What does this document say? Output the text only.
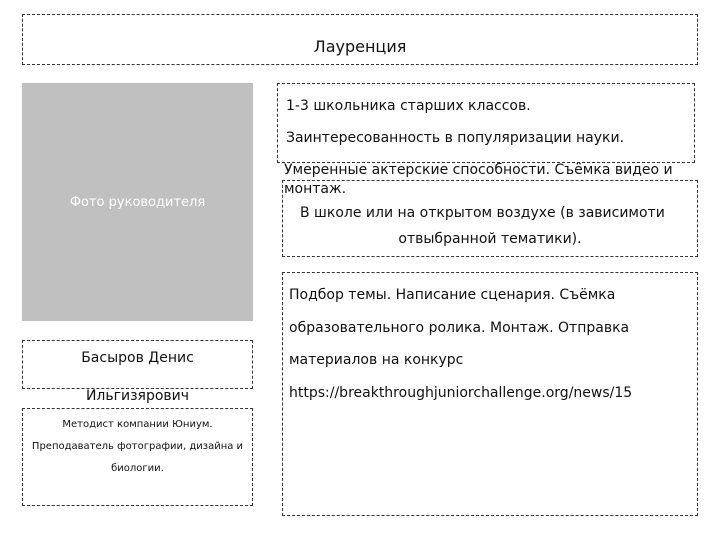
Лауренция
Фото руководителя
Басыров Денис
Ильгизярович
Методист компании Юниум.
Преподаватель фотографии, дизайна и
биологии.
1-3 школьника старших классов.
Заинтересованность в популяризации науки.
Умеренные актерские способности. Съёмка видео и
монтаж.
В школе или на открытом воздухе (в зависимоти
отвыбранной тематики).
Подбор темы. Написание сценария. Съёмка
образовательного ролика. Монтаж. Отправка
материалов на конкурс
https://breakthroughjuniorchallenge.org/news/15
